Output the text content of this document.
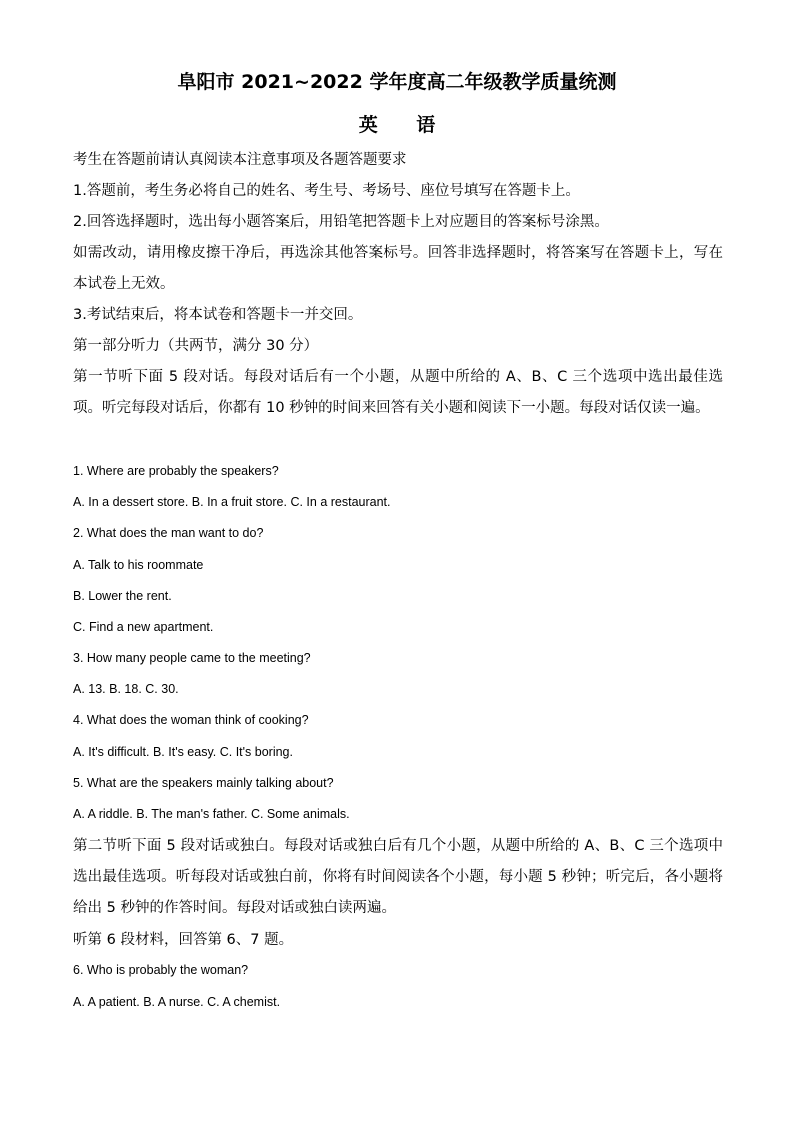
阜阳市 2021~2022 学年度高二年级教学质量统测
英 语
考生在答题前请认真阅读本注意事项及各题答题要求
1.答题前，考生务必将自己的姓名、考生号、考场号、座位号填写在答题卡上。
2.回答选择题时，选出每小题答案后，用铅笔把答题卡上对应题目的答案标号涂黑。
如需改动，请用橡皮擦干净后，再选涂其他答案标号。回答非选择题时，将答案写在答题卡上，写在本试卷上无效。
3.考试结束后，将本试卷和答题卡一并交回。
第一部分听力（共两节，满分 30 分）
第一节听下面 5 段对话。每段对话后有一个小题，从题中所给的 A、B、C 三个选项中选出最佳选项。听完每段对话后，你都有 10 秒钟的时间来回答有关小题和阅读下一小题。每段对话仅读一遍。
1. Where are probably the speakers?
A. In a dessert store. B. In a fruit store. C. In a restaurant.
2. What does the man want to do?
A. Talk to his roommate
B. Lower the rent.
C. Find a new apartment.
3. How many people came to the meeting?
A. 13. B. 18. C. 30.
4. What does the woman think of cooking?
A. It's difficult. B. It's easy. C. It's boring.
5. What are the speakers mainly talking about?
A. A riddle. B. The man's father. C. Some animals.
第二节听下面 5 段对话或独白。每段对话或独白后有几个小题，从题中所给的 A、B、C 三个选项中选出最佳选项。听每段对话或独白前，你将有时间阅读各个小题，每小题 5 秒钟；听完后，各小题将给出 5 秒钟的作答时间。每段对话或独白读两遍。
听第 6 段材料，回答第 6、7 题。
6. Who is probably the woman?
A. A patient. B. A nurse. C. A chemist.
